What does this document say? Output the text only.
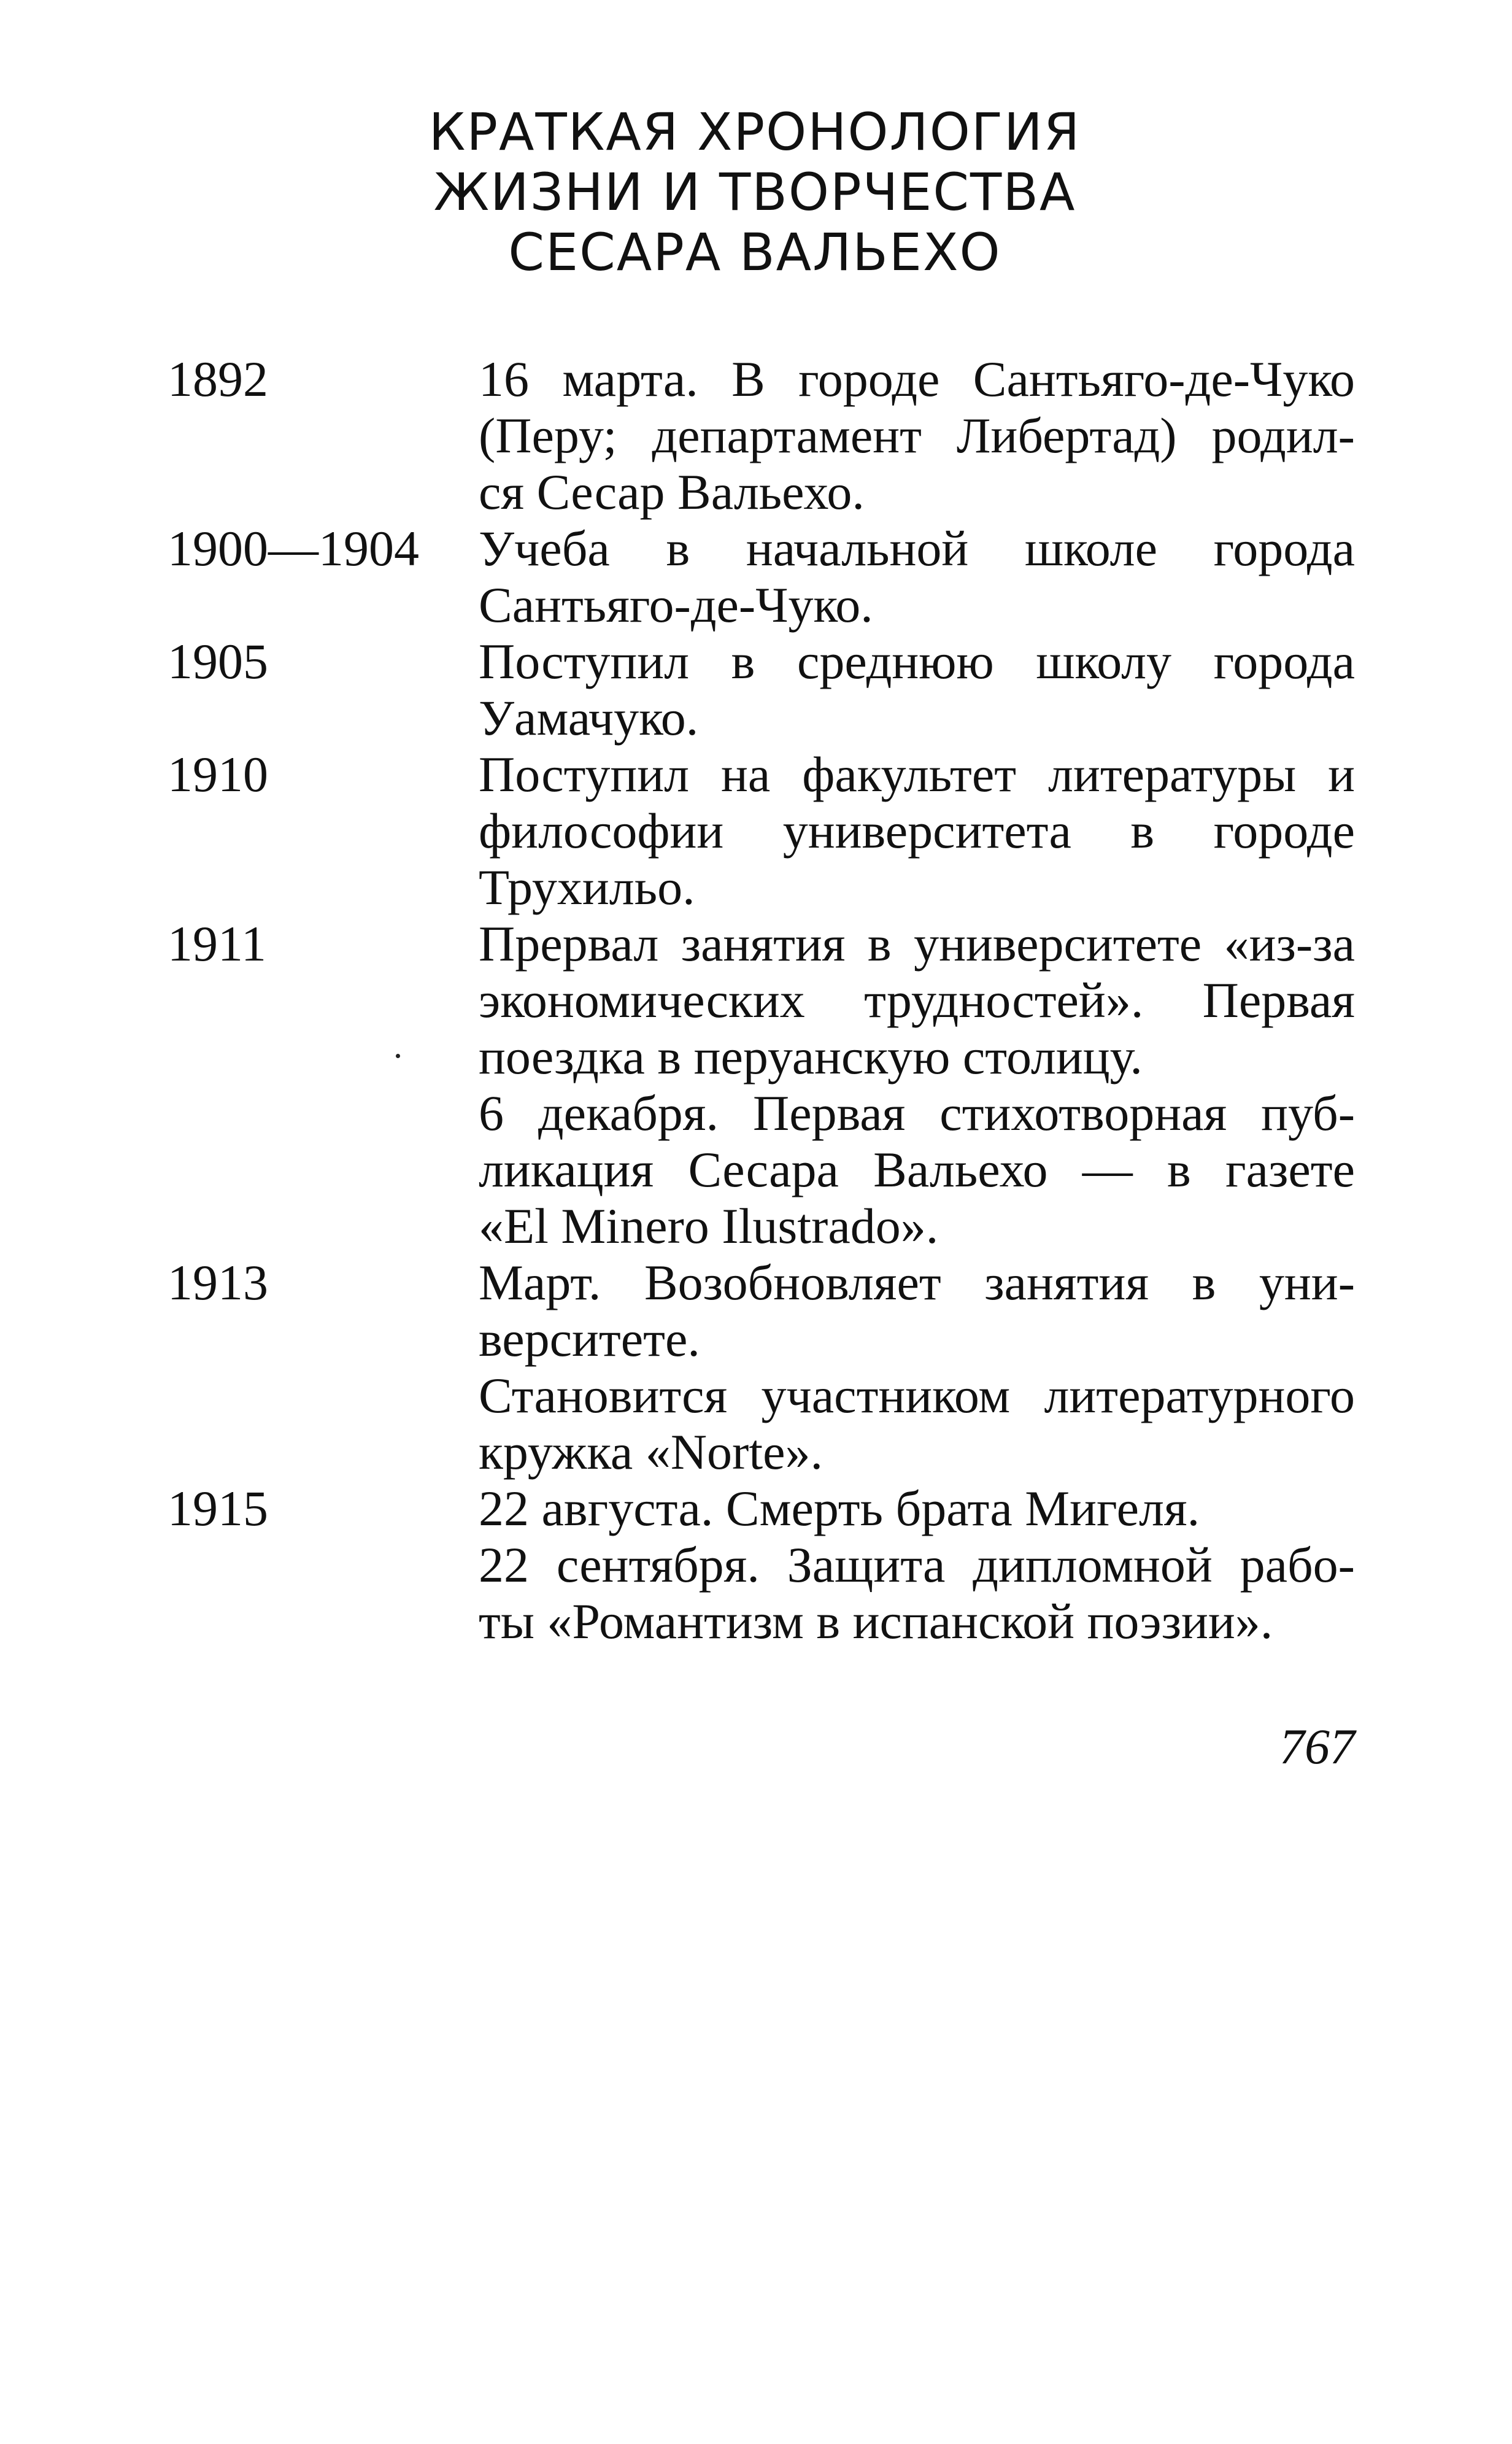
КРАТКАЯ ХРОНОЛОГИЯ
ЖИЗНИ И ТВОРЧЕСТВА
СЕСАРА ВАЛЬЕХО
1892	16 марта. В городе Сантьяго-де-Чуко
(Перу; департамент Либертад) родил-
ся Сесар Вальехо.

1900—1904 Учеба в начальной школе города
Сантьяго-де-Чуко.

1905	Поступил в среднюю школу города
Уамачуко.

1910	Поступил на факультет литературы и
философии университета в городе
Трухильо.

1911	Прервал занятия в университете «из-за
экономических трудностей». Первая
поездка в перуанскую столицу.

6 декабря. Первая стихотворная пуб-
ликация Сесара Вальехо — в газете
«El Minero Ilustrado».

1913	Март. Возобновляет занятия в уни-
верситете.

Становится участником литературного
кружка «Norte».

1915	22 августа. Смерть брата Мигеля.

22 сентября. Защита дипломной рабо-
ты «Романтизм в испанской поэзии».

767
